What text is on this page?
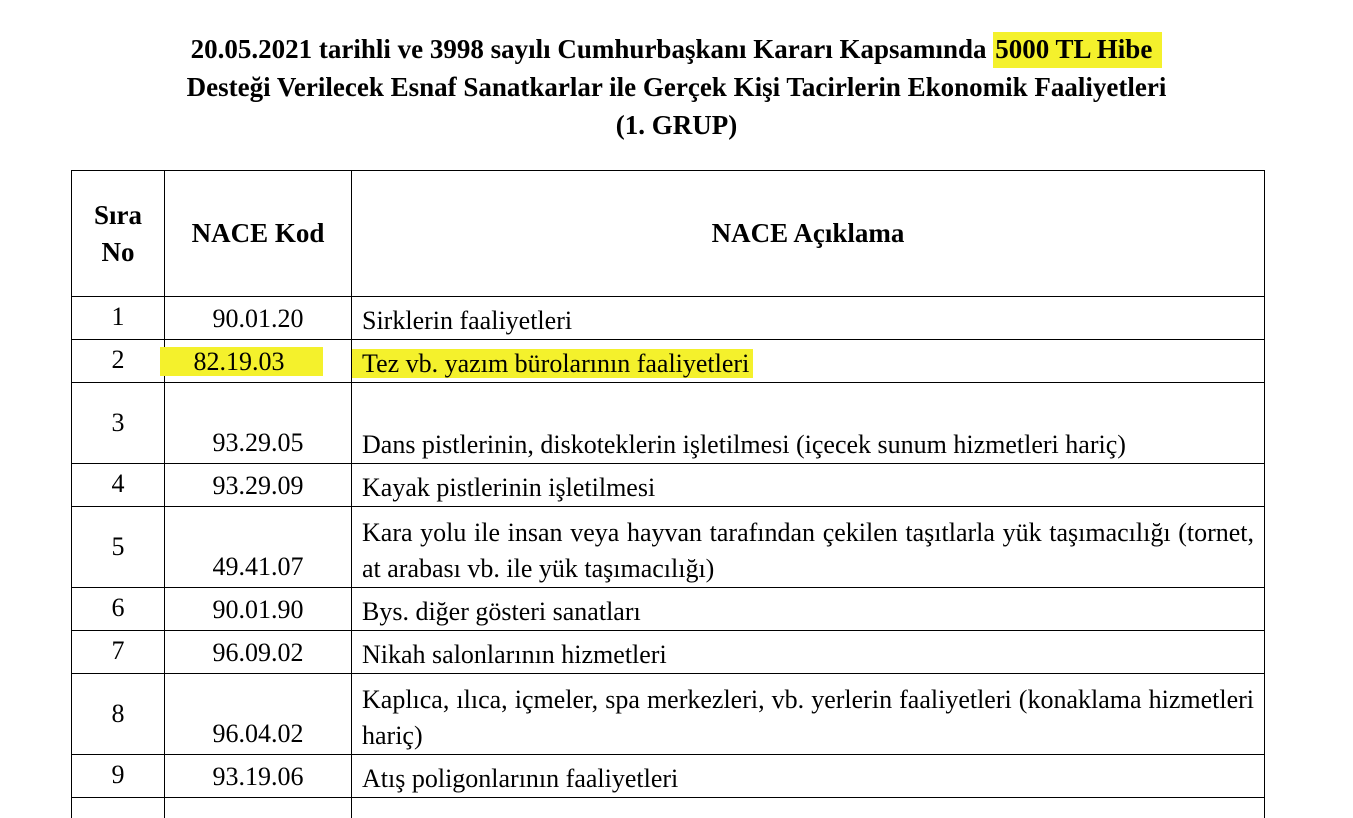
20.05.2021 tarihli ve 3998 sayılı Cumhurbaşkanı Kararı Kapsamında 5000 TL Hibe
Desteği Verilecek Esnaf Sanatkarlar ile Gerçek Kişi Tacirlerin Ekonomik Faaliyetleri
(1. GRUP)
Sıra
No	NACE Kod	NACE Açıklama
1	90.01.20	Sirklerin faaliyetleri
2	82.19.03	Tez vb. yazım bürolarının faaliyetleri
3	93.29.05	Dans pistlerinin, diskoteklerin işletilmesi (içecek sunum hizmetleri hariç)
4	93.29.09	Kayak pistlerinin işletilmesi
5	49.41.07	Kara yolu ile insan veya hayvan tarafından çekilen taşıtlarla yük taşımacılığı (tornet, at arabası vb. ile yük taşımacılığı)
6	90.01.90	Bys. diğer gösteri sanatları
7	96.09.02	Nikah salonlarının hizmetleri
8	96.04.02	Kaplıca, ılıca, içmeler, spa merkezleri, vb. yerlerin faaliyetleri (konaklama hizmetleri hariç)
9	93.19.06	Atış poligonlarının faaliyetleri
